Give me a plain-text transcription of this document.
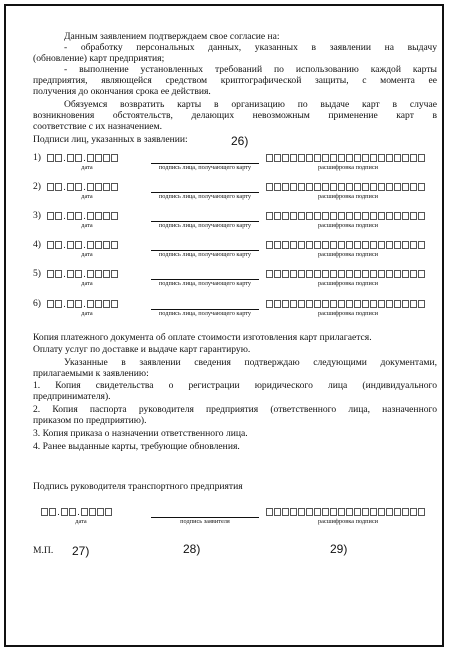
Данным заявлением подтверждаем свое согласие на:
- обработку персональных данных, указанных в заявлении на выдачу
(обновление) карт предприятия;
- выполнение установленных требований по использованию каждой карты
предприятия, являющейся средством криптографической защиты, с момента ее
получения до окончания срока ее действия.
Обязуемся возвратить карты в организацию по выдаче карт в случае
возникновения обстоятельств, делающих невозможным применение карт в
соответствие с их назначением.
Подписи лиц, указанных в заявлении:	26)
1) . .
дата	подпись лица, получающего карту	расшифровка подписи
2) . .
дата	подпись лица, получающего карту	расшифровка подписи
3) . .
дата	подпись лица, получающего карту	расшифровка подписи
4) . .
дата	подпись лица, получающего карту	расшифровка подписи
5) . .
дата	подпись лица, получающего карту	расшифровка подписи
6) . .
дата	подпись лица, получающего карту	расшифровка подписи
Копия платежного документа об оплате стоимости изготовления карт прилагается.
Оплату услуг по доставке и выдаче карт гарантирую.
Указанные в заявлении сведения подтверждаю следующими документами,
прилагаемыми к заявлению:
1. Копия свидетельства о регистрации юридического лица (индивидуального
предпринимателя).
2. Копия паспорта руководителя предприятия (ответственного лица, назначенного
приказом по предприятию).
3. Копия приказа о назначении ответственного лица.
4. Ранее выданные карты, требующие обновления.
Подпись руководителя транспортного предприятия
. .
дата	подпись заявителя	расшифровка подписи
М.П. 27)	28)	29)
